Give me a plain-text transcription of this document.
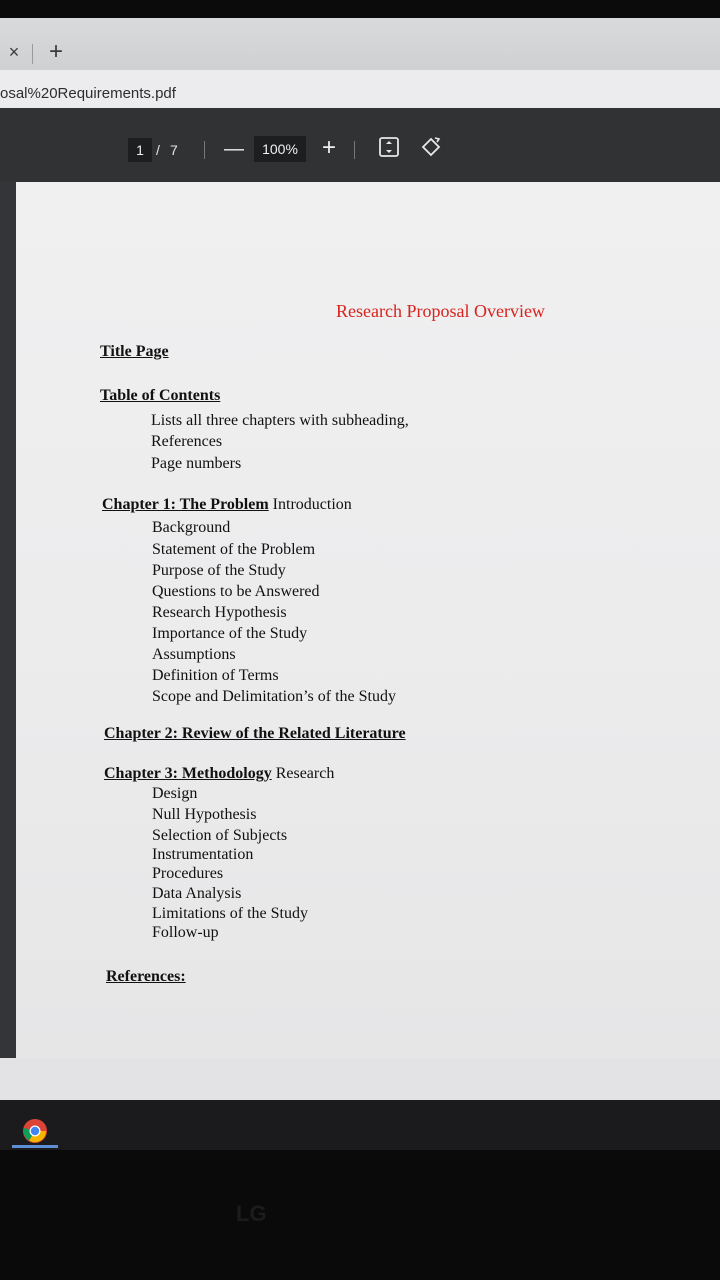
× +
osal%20Requirements.pdf
1 / 7 —	100%	+
Research Proposal Overview
Title Page
Table of Contents
Lists all three chapters with subheading,
References
Page numbers
Chapter 1: The Problem Introduction
Background
Statement of the Problem
Purpose of the Study
Questions to be Answered
Research Hypothesis
Importance of the Study
Assumptions
Definition of Terms
Scope and Delimitation’s of the Study
Chapter 2: Review of the Related Literature
Chapter 3: Methodology Research
Design
Null Hypothesis
Selection of Subjects
Instrumentation
Procedures
Data Analysis
Limitations of the Study
Follow-up
References:
LG
